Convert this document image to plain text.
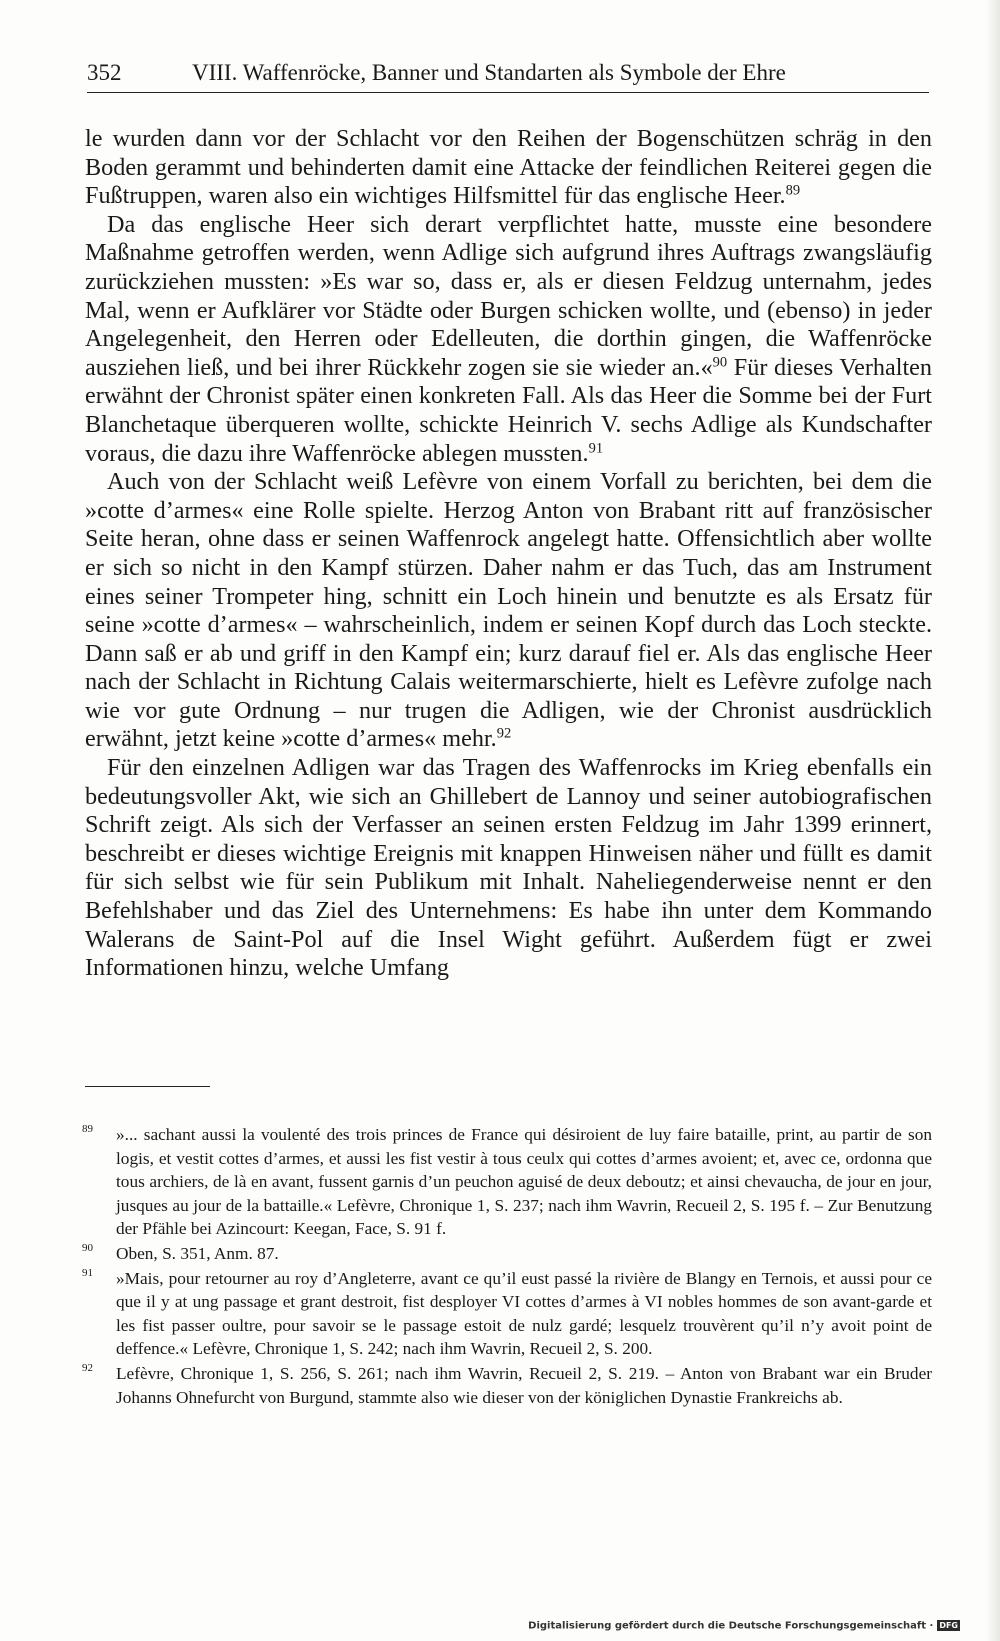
352	VIII. Waffenröcke, Banner und Standarten als Symbole der Ehre

le wurden dann vor der Schlacht vor den Reihen der Bogenschützen schräg in den Boden gerammt und behinderten damit eine Attacke der feindlichen Reiterei gegen die Fußtruppen, waren also ein wichtiges Hilfsmittel für das englische Heer.$^{89}$

Da das englische Heer sich derart verpflichtet hatte, musste eine besondere Maßnahme getroffen werden, wenn Adlige sich aufgrund ihres Auftrags zwangsläufig zurückziehen mussten: »Es war so, dass er, als er diesen Feldzug unternahm, jedes Mal, wenn er Aufklärer vor Städte oder Burgen schicken wollte, und (ebenso) in jeder Angelegenheit, den Herren oder Edelleuten, die dorthin gingen, die Waffenröcke ausziehen ließ, und bei ihrer Rückkehr zogen sie sie wieder an.«$^{90}$ Für dieses Verhalten erwähnt der Chronist später einen konkreten Fall. Als das Heer die Somme bei der Furt Blanchetaque überqueren wollte, schickte Heinrich V. sechs Adlige als Kundschafter voraus, die dazu ihre Waffenröcke ablegen mussten.$^{91}$

Auch von der Schlacht weiß Lefèvre von einem Vorfall zu berichten, bei dem die »cotte d’armes« eine Rolle spielte. Herzog Anton von Brabant ritt auf französischer Seite heran, ohne dass er seinen Waffenrock angelegt hatte. Offensichtlich aber wollte er sich so nicht in den Kampf stürzen. Daher nahm er das Tuch, das am Instrument eines seiner Trompeter hing, schnitt ein Loch hinein und benutzte es als Ersatz für seine »cotte d’armes« – wahrscheinlich, indem er seinen Kopf durch das Loch steckte. Dann saß er ab und griff in den Kampf ein; kurz darauf fiel er. Als das englische Heer nach der Schlacht in Richtung Calais weitermarschierte, hielt es Lefèvre zufolge nach wie vor gute Ordnung – nur trugen die Adligen, wie der Chronist ausdrücklich erwähnt, jetzt keine »cotte d’armes« mehr.$^{92}$

Für den einzelnen Adligen war das Tragen des Waffenrocks im Krieg ebenfalls ein bedeutungsvoller Akt, wie sich an Ghillebert de Lannoy und seiner autobiografischen Schrift zeigt. Als sich der Verfasser an seinen ersten Feldzug im Jahr 1399 erinnert, beschreibt er dieses wichtige Ereignis mit knappen Hinweisen näher und füllt es damit für sich selbst wie für sein Publikum mit Inhalt. Naheliegenderweise nennt er den Befehlshaber und das Ziel des Unternehmens: Es habe ihn unter dem Kommando Walerans de Saint-Pol auf die Insel Wight geführt. Außerdem fügt er zwei Informationen hinzu, welche Umfang

89 »... sachant aussi la voulenté des trois princes de France qui désiroient de luy faire bataille, print, au partir de son logis, et vestit cottes d’armes, et aussi les fist vestir à tous ceulx qui cottes d’armes avoient; et, avec ce, ordonna que tous archiers, de là en avant, fussent garnis d’un peuchon aguisé de deux deboutz; et ainsi chevaucha, de jour en jour, jusques au jour de la battaille.« Lefèvre, Chronique 1, S. 237; nach ihm Wavrin, Recueil 2, S. 195 f. – Zur Benutzung der Pfähle bei Azincourt: Keegan, Face, S. 91 f.
90 Oben, S. 351, Anm. 87.
91 »Mais, pour retourner au roy d’Angleterre, avant ce qu’il eust passé la rivière de Blangy en Ternois, et aussi pour ce que il y at ung passage et grant destroit, fist desployer VI cottes d’armes à VI nobles hommes de son avant-garde et les fist passer oultre, pour savoir se le passage estoit de nulz gardé; lesquelz trouvèrent qu’il n’y avoit point de deffence.« Lefèvre, Chronique 1, S. 242; nach ihm Wavrin, Recueil 2, S. 200.
92 Lefèvre, Chronique 1, S. 256, S. 261; nach ihm Wavrin, Recueil 2, S. 219. – Anton von Brabant war ein Bruder Johanns Ohnefurcht von Burgund, stammte also wie dieser von der königlichen Dynastie Frankreichs ab.
Digitalisierung gefördert durch die Deutsche Forschungsgemeinschaft · DFG
